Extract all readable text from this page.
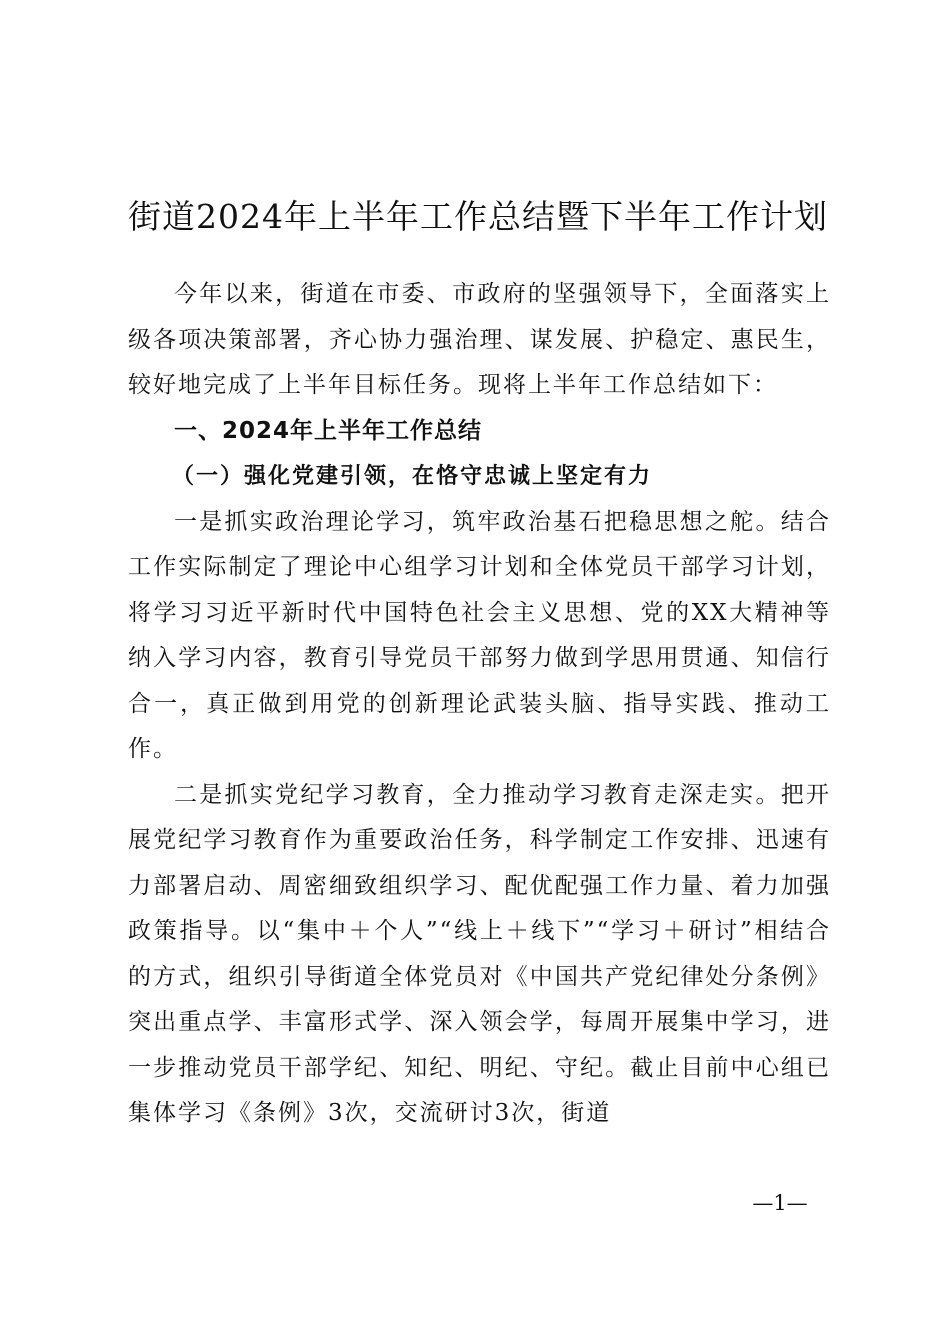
街道2024年上半年工作总结暨下半年工作计划

今年以来，街道在市委、市政府的坚强领导下，全面落实上级各项决策部署，齐心协力强治理、谋发展、护稳定、惠民生，较好地完成了上半年目标任务。现将上半年工作总结如下：

一、2024年上半年工作总结

（一）强化党建引领，在恪守忠诚上坚定有力

一是抓实政治理论学习，筑牢政治基石把稳思想之舵。结合工作实际制定了理论中心组学习计划和全体党员干部学习计划，将学习习近平新时代中国特色社会主义思想、党的XX大精神等纳入学习内容，教育引导党员干部努力做到学思用贯通、知信行合一，真正做到用党的创新理论武装头脑、指导实践、推动工作。

二是抓实党纪学习教育，全力推动学习教育走深走实。把开展党纪学习教育作为重要政治任务，科学制定工作安排、迅速有力部署启动、周密细致组织学习、配优配强工作力量、着力加强政策指导。以“集中＋个人”“线上＋线下”“学习＋研讨”相结合的方式，组织引导街道全体党员对《中国共产党纪律处分条例》突出重点学、丰富形式学、深入领会学，每周开展集中学习，进一步推动党员干部学纪、知纪、明纪、守纪。截止目前中心组已集体学习《条例》3次，交流研讨3次，街道

—1—
